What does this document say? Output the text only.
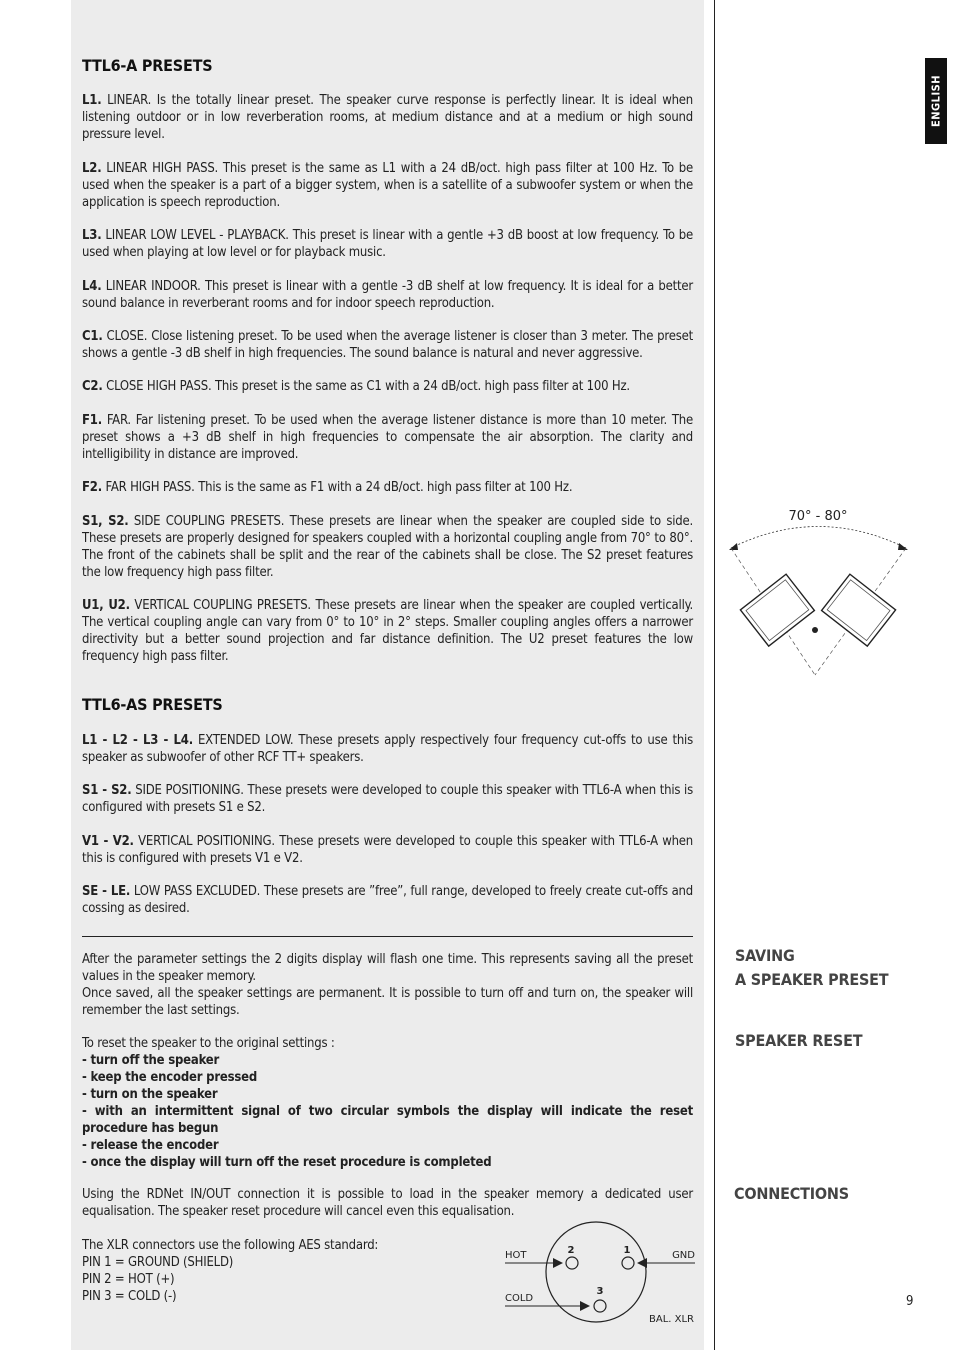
ENGLISH
TTL6-A PRESETS

L1. LINEAR. Is the totally linear preset. The speaker curve response is perfectly linear. It is ideal when listening outdoor or in low reverberation rooms, at medium distance and at a medium or high sound pressure level.

L2. LINEAR HIGH PASS. This preset is the same as L1 with a 24 dB/oct. high pass filter at 100 Hz. To be used when the speaker is a part of a bigger system, when is a satellite of a subwoofer system or when the application is speech reproduction.

L3. LINEAR LOW LEVEL - PLAYBACK. This preset is linear with a gentle +3 dB boost at low frequency. To be used when playing at low level or for playback music.

L4. LINEAR INDOOR. This preset is linear with a gentle -3 dB shelf at low frequency. It is ideal for a better sound balance in reverberant rooms and for indoor speech reproduction.

C1. CLOSE. Close listening preset. To be used when the average listener is closer than 3 meter. The preset shows a gentle -3 dB shelf in high frequencies. The sound balance is natural and never aggressive.

C2. CLOSE HIGH PASS. This preset is the same as C1 with a 24 dB/oct. high pass filter at 100 Hz.

F1. FAR. Far listening preset. To be used when the average listener distance is more than 10 meter. The preset shows a +3 dB shelf in high frequencies to compensate the air absorption. The clarity and intelligibility in distance are improved.

F2. FAR HIGH PASS. This is the same as F1 with a 24 dB/oct. high pass filter at 100 Hz.

S1, S2. SIDE COUPLING PRESETS. These presets are linear when the speaker are coupled side to side. These presets are properly designed for speakers coupled with a horizontal coupling angle from 70° to 80°. The front of the cabinets shall be split and the rear of the cabinets shall be close. The S2 preset features the low frequency high pass filter.

U1, U2. VERTICAL COUPLING PRESETS. These presets are linear when the speaker are coupled vertically. The vertical coupling angle can vary from 0° to 10° in 2° steps. Smaller coupling angles offers a narrower directivity but a better sound projection and far distance definition. The U2 preset features the low frequency high pass filter.

TTL6-AS PRESETS

L1 - L2 - L3 - L4. EXTENDED LOW. These presets apply respectively four frequency cut-offs to use this speaker as subwoofer of other RCF TT+ speakers.

S1 - S2. SIDE POSITIONING. These presets were developed to couple this speaker with TTL6-A when this is configured with presets S1 e S2.

V1 - V2. VERTICAL POSITIONING. These presets were developed to couple this speaker with TTL6-A when this is configured with presets V1 e V2.

SE - LE. LOW PASS EXCLUDED. These presets are ”free”, full range, developed to freely create cut-offs and cossing as desired.

After the parameter settings the 2 digits display will flash one time. This represents saving all the preset values in the speaker memory.

Once saved, all the speaker settings are permanent. It is possible to turn off and turn on, the speaker will remember the last settings.

To reset the speaker to the original settings :

- turn off the speaker

- keep the encoder pressed

- turn on the speaker

- with an intermittent signal of two circular symbols the display will indicate the reset procedure has begun

- release the encoder

- once the display will turn off the reset procedure is completed

Using the RDNet IN/OUT connection it is possible to load in the speaker memory a dedicated user equalisation. The speaker reset procedure will cancel even this equalisation.

The XLR connectors use the following AES standard:

PIN 1 = GROUND (SHIELD)

PIN 2 = HOT (+)

PIN 3 = COLD (-)

HOT	GND
COLD
2	1
3
BAL. XLR
70° - 80°
SAVING
A SPEAKER PRESET
SPEAKER RESET
CONNECTIONS
9
